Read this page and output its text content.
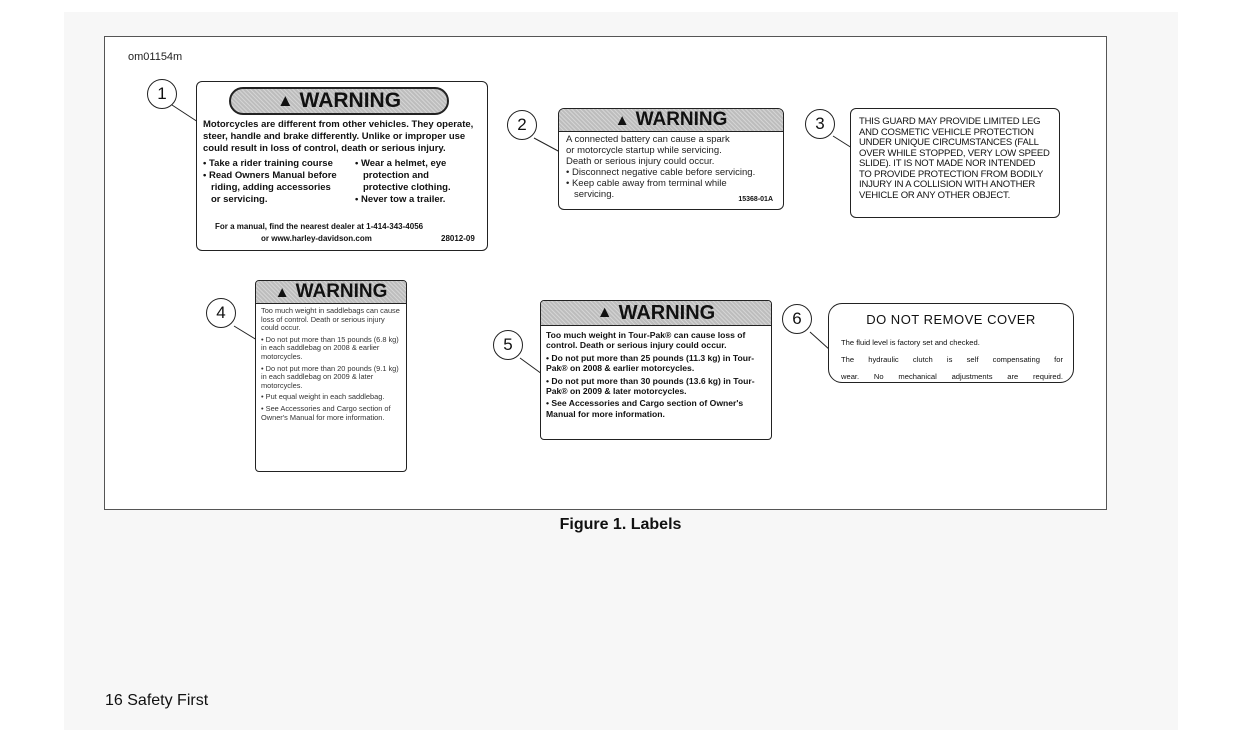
om01154m
1
2	3
4
5
6
▲ WARNING
Motorcycles are different from other vehicles. They operate, steer, handle and brake differently. Unlike or improper use could result in loss of control, death or serious injury.
• Take a rider training course
• Read Owners Manual before
riding, adding accessories
or servicing.
• Wear a helmet, eye
protection and
protective clothing.
• Never tow a trailer.
For a manual, find the nearest dealer at 1-414-343-4056
or www.harley-davidson.com	28012-09
▲ WARNING
A connected battery can cause a spark
or motorcycle startup while servicing.
Death or serious injury could occur.
• Disconnect negative cable before servicing.
• Keep cable away from terminal while
servicing.	15368-01A
THIS GUARD MAY PROVIDE LIMITED LEG
AND COSMETIC VEHICLE PROTECTION
UNDER UNIQUE CIRCUMSTANCES (FALL
OVER WHILE STOPPED, VERY LOW SPEED
SLIDE). IT IS NOT MADE NOR INTENDED
TO PROVIDE PROTECTION FROM BODILY
INJURY IN A COLLISION WITH ANOTHER
VEHICLE OR ANY OTHER OBJECT.
▲ WARNING

Too much weight in saddlebags can cause loss of control. Death or serious injury could occur.

• Do not put more than 15 pounds (6.8 kg) in each saddlebag on 2008 & earlier motorcycles.

• Do not put more than 20 pounds (9.1 kg) in each saddlebag on 2009 & later motorcycles.

• Put equal weight in each saddlebag.

• See Accessories and Cargo section of Owner's Manual for more information.

▲ WARNING

Too much weight in Tour-Pak® can cause loss of control. Death or serious injury could occur.

• Do not put more than 25 pounds (11.3 kg) in Tour-Pak® on 2008 & earlier motorcycles.

• Do not put more than 30 pounds (13.6 kg) in Tour-Pak® on 2009 & later motorcycles.

• See Accessories and Cargo section of Owner's Manual for more information.

DO NOT REMOVE COVER
The fluid level is factory set and checked.
The hydraulic clutch is self compensating for
wear. No mechanical adjustments are required.
Figure 1. Labels
16 Safety First
